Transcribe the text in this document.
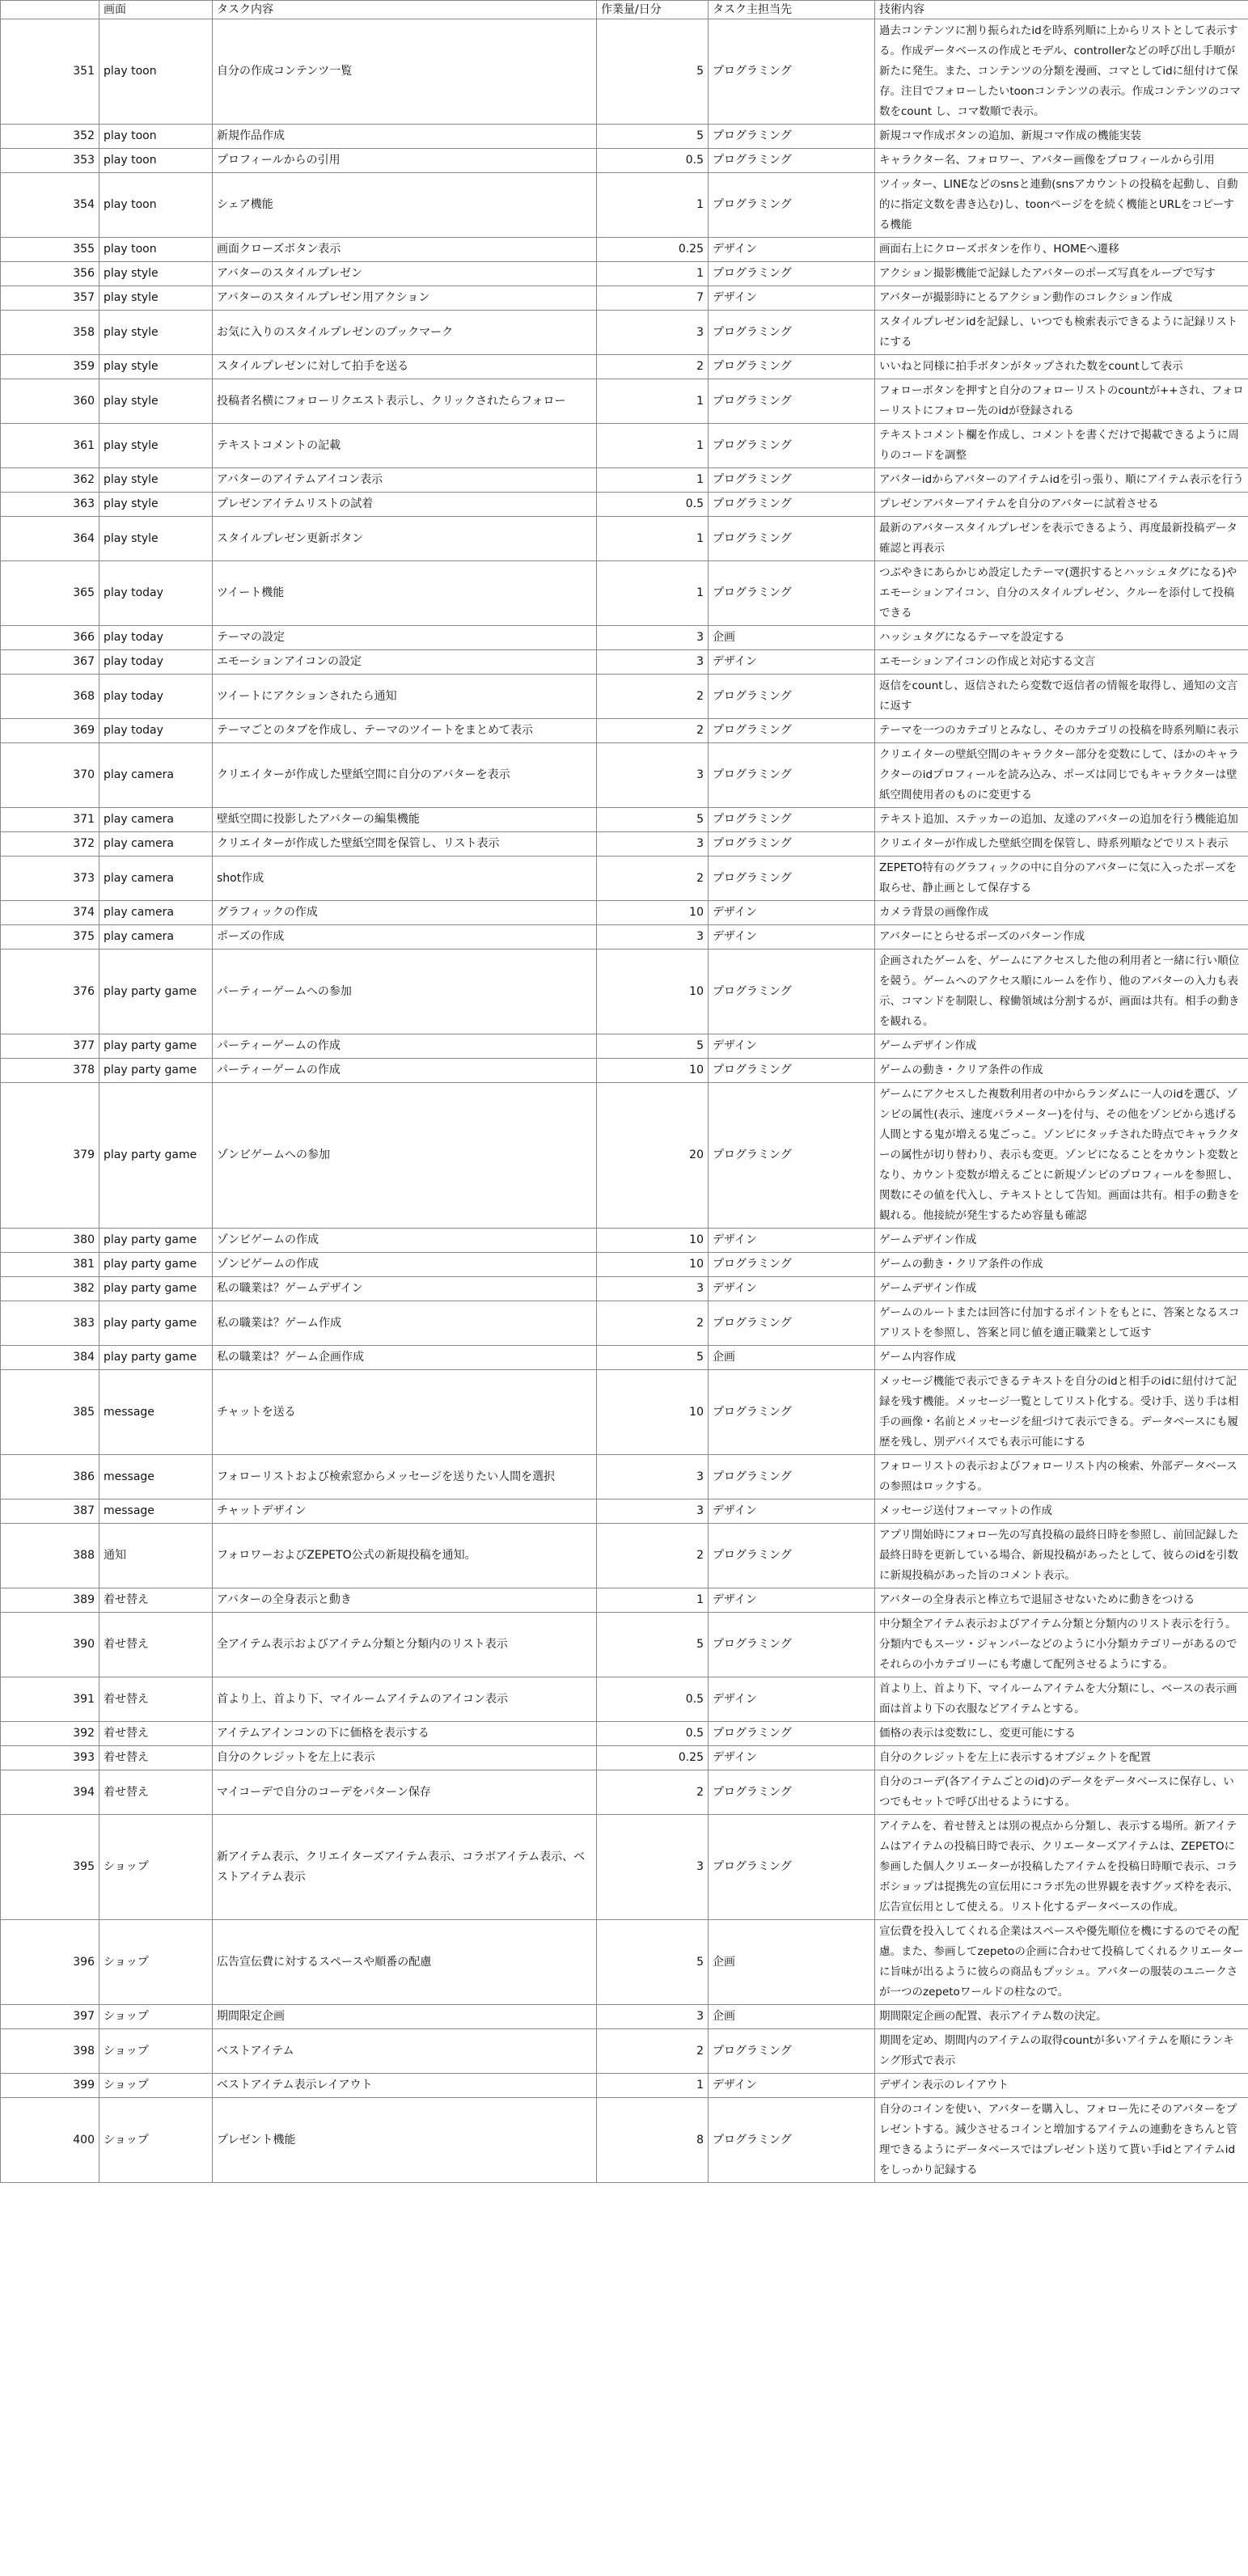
	画面	タスク内容	作業量/日分	タスク主担当先	技術内容
351	play toon	自分の作成コンテンツ一覧	5	プログラミング	過去コンテンツに割り振られたidを時系列順に上からリストとして表示する。作成データベースの作成とモデル、controllerなどの呼び出し手順が新たに発生。また、コンテンツの分類を漫画、コマとしてidに紐付けて保存。注目でフォローしたいtoonコンテンツの表示。作成コンテンツのコマ数をcount し、コマ数順で表示。
352	play toon	新規作品作成	5	プログラミング	新規コマ作成ボタンの追加、新規コマ作成の機能実装
353	play toon	プロフィールからの引用	0.5	プログラミング	キャラクター名、フォロワー、アバター画像をプロフィールから引用
354	play toon	シェア機能	1	プログラミング	ツイッター、LINEなどのsnsと連動(snsアカウントの投稿を起動し、自動的に指定文数を書き込む)し、toonページをを続く機能とURLをコピーする機能
355	play toon	画面クローズボタン表示	0.25	デザイン	画面右上にクローズボタンを作り、HOMEへ遷移
356	play style	アバターのスタイルプレゼン	1	プログラミング	アクション撮影機能で記録したアバターのポーズ写真をループで写す
357	play style	アバターのスタイルプレゼン用アクション	7	デザイン	アバターが撮影時にとるアクション動作のコレクション作成
358	play style	お気に入りのスタイルプレゼンのブックマーク	3	プログラミング	スタイルプレゼンidを記録し、いつでも検索表示できるように記録リストにする
359	play style	スタイルプレゼンに対して拍手を送る	2	プログラミング	いいねと同様に拍手ボタンがタップされた数をcountして表示
360	play style	投稿者名横にフォローリクエスト表示し、クリックされたらフォロー	1	プログラミング	フォローボタンを押すと自分のフォローリストのcountが++され、フォローリストにフォロー先のidが登録される
361	play style	テキストコメントの記載	1	プログラミング	テキストコメント欄を作成し、コメントを書くだけで掲載できるように周りのコードを調整
362	play style	アバターのアイテムアイコン表示	1	プログラミング	アバターidからアバターのアイテムidを引っ張り、順にアイテム表示を行う
363	play style	プレゼンアイテムリストの試着	0.5	プログラミング	プレゼンアバターアイテムを自分のアバターに試着させる
364	play style	スタイルプレゼン更新ボタン	1	プログラミング	最新のアバタースタイルプレゼンを表示できるよう、再度最新投稿データ確認と再表示
365	play today	ツイート機能	1	プログラミング	つぶやきにあらかじめ設定したテーマ(選択するとハッシュタグになる)やエモーションアイコン、自分のスタイルプレゼン、クルーを添付して投稿できる
366	play today	テーマの設定	3	企画	ハッシュタグになるテーマを設定する
367	play today	エモーションアイコンの設定	3	デザイン	エモーションアイコンの作成と対応する文言
368	play today	ツイートにアクションされたら通知	2	プログラミング	返信をcountし、返信されたら変数で返信者の情報を取得し、通知の文言に返す
369	play today	テーマごとのタブを作成し、テーマのツイートをまとめて表示	2	プログラミング	テーマを一つのカテゴリとみなし、そのカテゴリの投稿を時系列順に表示
370	play camera	クリエイターが作成した壁紙空間に自分のアバターを表示	3	プログラミング	クリエイターの壁紙空間のキャラクター部分を変数にして、ほかのキャラクターのidプロフィールを読み込み、ポーズは同じでもキャラクターは壁紙空間使用者のものに変更する
371	play camera	壁紙空間に投影したアバターの編集機能	5	プログラミング	テキスト追加、ステッカーの追加、友達のアバターの追加を行う機能追加
372	play camera	クリエイターが作成した壁紙空間を保管し、リスト表示	3	プログラミング	クリエイターが作成した壁紙空間を保管し、時系列順などでリスト表示
373	play camera	shot作成	2	プログラミング	ZEPETO特有のグラフィックの中に自分のアバターに気に入ったポーズを取らせ、静止画として保存する
374	play camera	グラフィックの作成	10	デザイン	カメラ背景の画像作成
375	play camera	ポーズの作成	3	デザイン	アバターにとらせるポーズのパターン作成
376	play party game	パーティーゲームへの参加	10	プログラミング	企画されたゲームを、ゲームにアクセスした他の利用者と一緒に行い順位を競う。ゲームへのアクセス順にルームを作り、他のアバターの入力も表示、コマンドを制限し、稼働領域は分割するが、画面は共有。相手の動きを観れる。
377	play party game	パーティーゲームの作成	5	デザイン	ゲームデザイン作成
378	play party game	パーティーゲームの作成	10	プログラミング	ゲームの動き・クリア条件の作成
379	play party game	ゾンビゲームへの参加	20	プログラミング	ゲームにアクセスした複数利用者の中からランダムに一人のidを選び、ゾンビの属性(表示、速度パラメーター)を付与、その他をゾンビから逃げる人間とする鬼が増える鬼ごっこ。ゾンビにタッチされた時点でキャラクターの属性が切り替わり、表示も変更。ゾンビになることをカウント変数となり、カウント変数が増えるごとに新規ゾンビのプロフィールを参照し、関数にその値を代入し、テキストとして告知。画面は共有。相手の動きを観れる。他接続が発生するため容量も確認
380	play party game	ゾンビゲームの作成	10	デザイン	ゲームデザイン作成
381	play party game	ゾンビゲームの作成	10	プログラミング	ゲームの動き・クリア条件の作成
382	play party game	私の職業は？ゲームデザイン	3	デザイン	ゲームデザイン作成
383	play party game	私の職業は？ゲーム作成	2	プログラミング	ゲームのルートまたは回答に付加するポイントをもとに、答案となるスコアリストを参照し、答案と同じ値を適正職業として返す
384	play party game	私の職業は？ゲーム企画作成	5	企画	ゲーム内容作成
385	message	チャットを送る	10	プログラミング	メッセージ機能で表示できるテキストを自分のidと相手のidに紐付けて記録を残す機能。メッセージ一覧としてリスト化する。受け手、送り手は相手の画像・名前とメッセージを紐づけて表示できる。データベースにも履歴を残し、別デバイスでも表示可能にする
386	message	フォローリストおよび検索窓からメッセージを送りたい人間を選択	3	プログラミング	フォローリストの表示およびフォローリスト内の検索、外部データベースの参照はロックする。
387	message	チャットデザイン	3	デザイン	メッセージ送付フォーマットの作成
388	通知	フォロワーおよびZEPETO公式の新規投稿を通知。	2	プログラミング	アプリ開始時にフォロー先の写真投稿の最終日時を参照し、前回記録した最終日時を更新している場合、新規投稿があったとして、彼らのidを引数に新規投稿があった旨のコメント表示。
389	着せ替え	アバターの全身表示と動き	1	デザイン	アバターの全身表示と棒立ちで退屈させないために動きをつける
390	着せ替え	全アイテム表示およびアイテム分類と分類内のリスト表示	5	プログラミング	中分類全アイテム表示およびアイテム分類と分類内のリスト表示を行う。分類内でもスーツ・ジャンパーなどのように小分類カテゴリーがあるのでそれらの小カテゴリーにも考慮して配列させるようにする。
391	着せ替え	首より上、首より下、マイルームアイテムのアイコン表示	0.5	デザイン	首より上、首より下、マイルームアイテムを大分類にし、ベースの表示画面は首より下の衣服などアイテムとする。
392	着せ替え	アイテムアインコンの下に価格を表示する	0.5	プログラミング	価格の表示は変数にし、変更可能にする
393	着せ替え	自分のクレジットを左上に表示	0.25	デザイン	自分のクレジットを左上に表示するオブジェクトを配置
394	着せ替え	マイコーデで自分のコーデをパターン保存	2	プログラミング	自分のコーデ(各アイテムごとのid)のデータをデータベースに保存し、いつでもセットで呼び出せるようにする。
395	ショップ	新アイテム表示、クリエイターズアイテム表示、コラボアイテム表示、ベストアイテム表示	3	プログラミング	アイテムを、着せ替えとは別の視点から分類し、表示する場所。新アイテムはアイテムの投稿日時で表示、クリエーターズアイテムは、ZEPETOに参画した個人クリエーターが投稿したアイテムを投稿日時順で表示、コラボショップは提携先の宣伝用にコラボ先の世界観を表すグッズ枠を表示、広告宣伝用として使える。リスト化するデータベースの作成。
396	ショップ	広告宣伝費に対するスペースや順番の配慮	5	企画	宣伝費を投入してくれる企業はスペースや優先順位を機にするのでその配慮。また、参画してzepetoの企画に合わせて投稿してくれるクリエーターに旨味が出るように彼らの商品もプッシュ。アバターの服装のユニークさが一つのzepetoワールドの柱なので。
397	ショップ	期間限定企画	3	企画	期間限定企画の配置、表示アイテム数の決定。
398	ショップ	ベストアイテム	2	プログラミング	期間を定め、期間内のアイテムの取得countが多いアイテムを順にランキング形式で表示
399	ショップ	ベストアイテム表示レイアウト	1	デザイン	デザイン表示のレイアウト
400	ショップ	プレゼント機能	8	プログラミング	自分のコインを使い、アバターを購入し、フォロー先にそのアバターをプレゼントする。減少させるコインと増加するアイテムの連動をきちんと管理できるようにデータベースではプレゼント送りて貰い手idとアイテムidをしっかり記録する
